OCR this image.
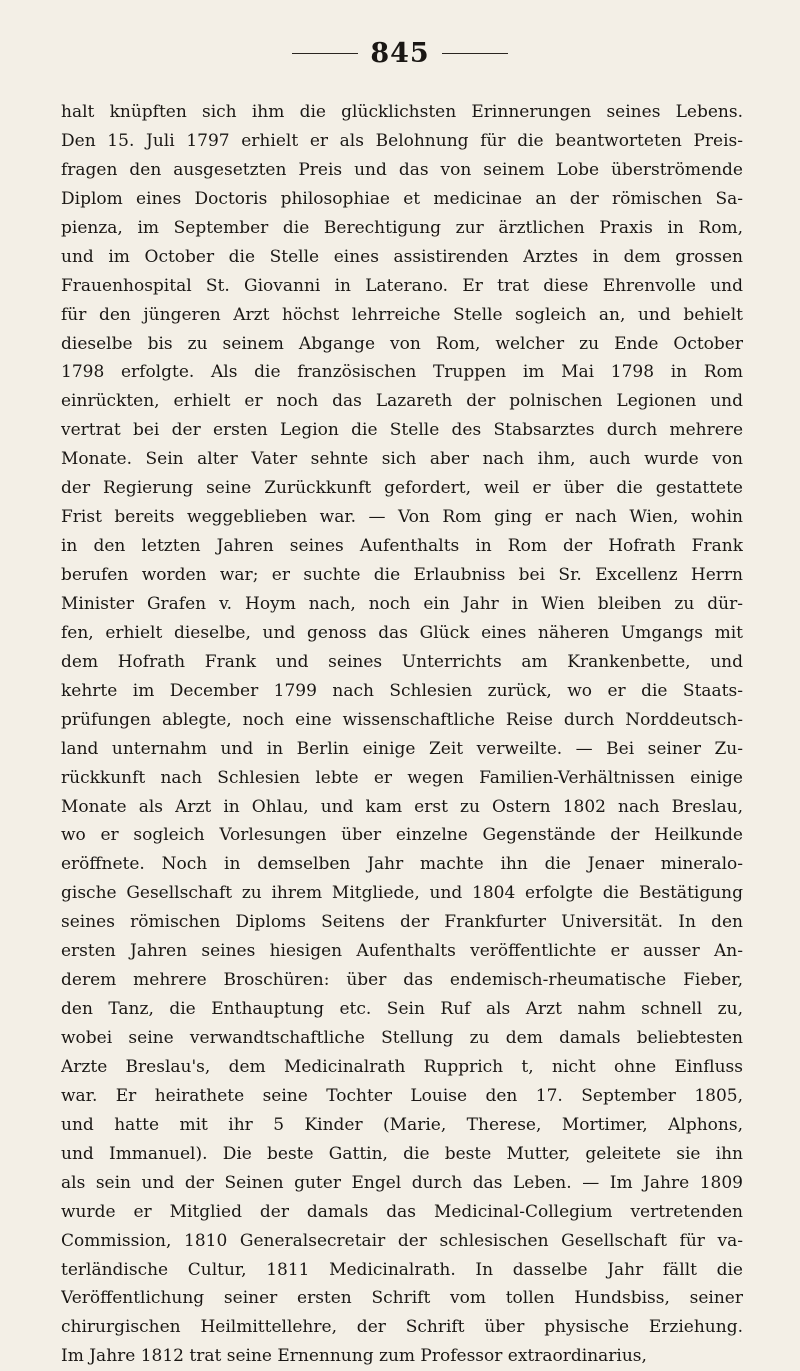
845
halt knüpften sich ihm die glücklichsten Erinnerungen seines Lebens.
Den 15. Juli 1797 erhielt er als Belohnung für die beantworteten Preis-
fragen den ausgesetzten Preis und das von seinem Lobe überströmende
Diplom eines Doctoris philosophiae et medicinae an der römischen Sa-
pienza, im September die Berechtigung zur ärztlichen Praxis in Rom,
und im October die Stelle eines assistirenden Arztes in dem grossen
Frauenhospital St. Giovanni in Laterano. Er trat diese Ehrenvolle und
für den jüngeren Arzt höchst lehrreiche Stelle sogleich an, und behielt
dieselbe bis zu seinem Abgange von Rom, welcher zu Ende October
1798 erfolgte. Als die französischen Truppen im Mai 1798 in Rom
einrückten, erhielt er noch das Lazareth der polnischen Legionen und
vertrat bei der ersten Legion die Stelle des Stabsarztes durch mehrere
Monate. Sein alter Vater sehnte sich aber nach ihm, auch wurde von
der Regierung seine Zurückkunft gefordert, weil er über die gestattete
Frist bereits weggeblieben war. — Von Rom ging er nach Wien, wohin
in den letzten Jahren seines Aufenthalts in Rom der Hofrath Frank
berufen worden war; er suchte die Erlaubniss bei Sr. Excellenz Herrn
Minister Grafen v. Hoym nach, noch ein Jahr in Wien bleiben zu dür-
fen, erhielt dieselbe, und genoss das Glück eines näheren Umgangs mit
dem Hofrath Frank und seines Unterrichts am Krankenbette, und
kehrte im December 1799 nach Schlesien zurück, wo er die Staats-
prüfungen ablegte, noch eine wissenschaftliche Reise durch Norddeutsch-
land unternahm und in Berlin einige Zeit verweilte. — Bei seiner Zu-
rückkunft nach Schlesien lebte er wegen Familien-Verhältnissen einige
Monate als Arzt in Ohlau, und kam erst zu Ostern 1802 nach Breslau,
wo er sogleich Vorlesungen über einzelne Gegenstände der Heilkunde
eröffnete. Noch in demselben Jahr machte ihn die Jenaer mineralo-
gische Gesellschaft zu ihrem Mitgliede, und 1804 erfolgte die Bestätigung
seines römischen Diploms Seitens der Frankfurter Universität. In den
ersten Jahren seines hiesigen Aufenthalts veröffentlichte er ausser An-
derem mehrere Broschüren: über das endemisch-rheumatische Fieber,
den Tanz, die Enthauptung etc. Sein Ruf als Arzt nahm schnell zu,
wobei seine verwandtschaftliche Stellung zu dem damals beliebtesten
Arzte Breslau's, dem Medicinalrath Rupprich t, nicht ohne Einfluss
war. Er heirathete seine Tochter Louise den 17. September 1805,
und hatte mit ihr 5 Kinder (Marie, Therese, Mortimer, Alphons,
und Immanuel). Die beste Gattin, die beste Mutter, geleitete sie ihn
als sein und der Seinen guter Engel durch das Leben. — Im Jahre 1809
wurde er Mitglied der damals das Medicinal-Collegium vertretenden
Commission, 1810 Generalsecretair der schlesischen Gesellschaft für va-
terländische Cultur, 1811 Medicinalrath. In dasselbe Jahr fällt die
Veröffentlichung seiner ersten Schrift vom tollen Hundsbiss, seiner
chirurgischen Heilmittellehre, der Schrift über physische Erziehung.
Im Jahre 1812 trat seine Ernennung zum Professor extraordinarius,
